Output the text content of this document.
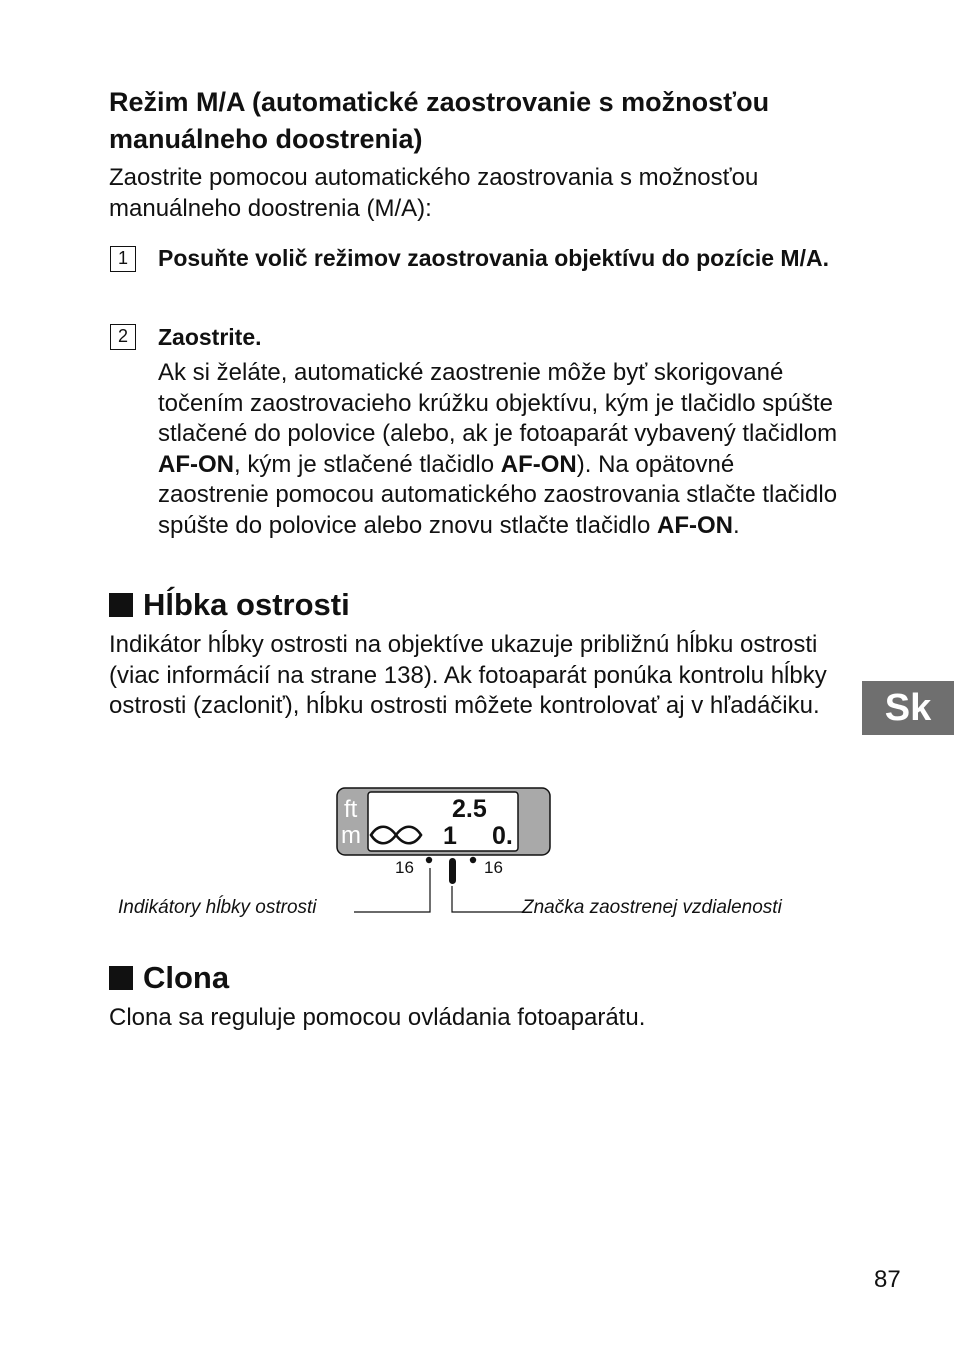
Režim M/A (automatické zaostrovanie s možnosťou manuálneho doostrenia)

Zaostrite pomocou automatického zaostrovania s možnosťou manuálneho doostrenia (M/A):

1	Posuňte volič režimov zaostrovania objektívu do pozície M/A.

2	Zaostrite.

Ak si želáte, automatické zaostrenie môže byť skorigované točením zaostrovacieho krúžku objektívu, kým je tlačidlo spúšte stlačené do polovice (alebo, ak je fotoaparát vybavený tlačidlom AF-ON, kým je stlačené tlačidlo AF-ON). Na opätovné zaostrenie pomocou automatického zaostrovania stlačte tlačidlo spúšte do polovice alebo znovu stlačte tlačidlo AF-ON.

Hĺbka ostrosti

Indikátor hĺbky ostrosti na objektíve ukazuje približnú hĺbku ostrosti (viac informácií na strane 138). Ak fotoaparát ponúka kontrolu hĺbky ostrosti (zacloniť), hĺbku ostrosti môžete kontrolovať aj v hľadáčiku.	Sk
ft
m
2.5
1 0.
16	16
Indikátory hĺbky ostrosti	Značka zaostrenej vzdialenosti
Clona

Clona sa reguluje pomocou ovládania fotoaparátu.

87
